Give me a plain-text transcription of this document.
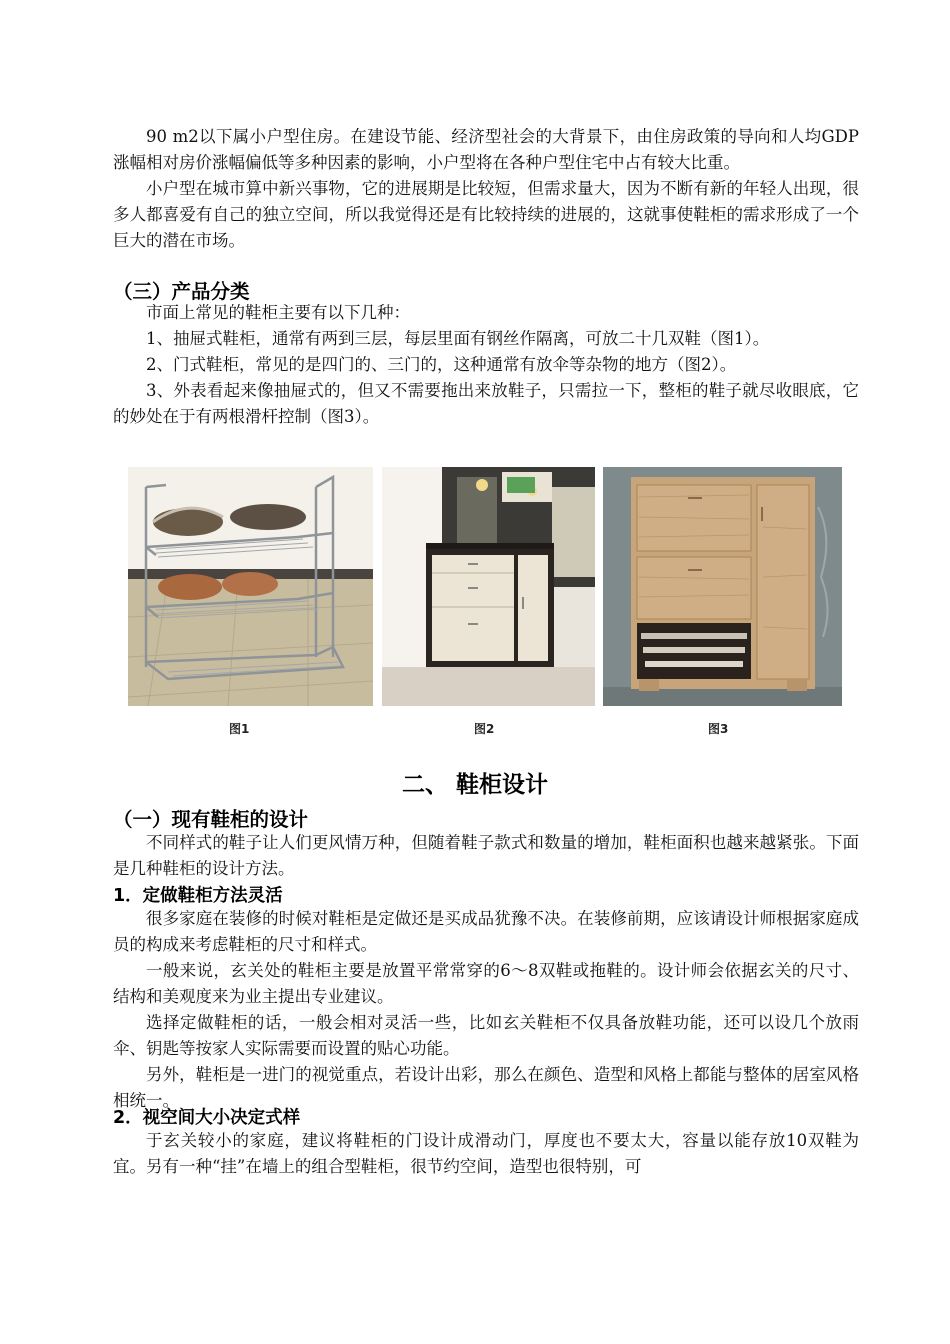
90 m2以下属小户型住房。在建设节能、经济型社会的大背景下，由住房政策的导向和人均GDP涨幅相对房价涨幅偏低等多种因素的影响，小户型将在各种户型住宅中占有较大比重。

小户型在城市算中新兴事物，它的进展期是比较短，但需求量大，因为不断有新的年轻人出现，很多人都喜爱有自己的独立空间，所以我觉得还是有比较持续的进展的，这就事使鞋柜的需求形成了一个巨大的潜在市场。

（三）产品分类

市面上常见的鞋柜主要有以下几种：

1、抽屉式鞋柜，通常有两到三层，每层里面有钢丝作隔离，可放二十几双鞋（图1）。

2、门式鞋柜，常见的是四门的、三门的，这种通常有放伞等杂物的地方（图2）。

3、外表看起来像抽屉式的，但又不需要拖出来放鞋子，只需拉一下，整柜的鞋子就尽收眼底，它的妙处在于有两根滑杆控制（图3）。

图1	图2	图3
二、 鞋柜设计
（一）现有鞋柜的设计

不同样式的鞋子让人们更风情万种，但随着鞋子款式和数量的增加，鞋柜面积也越来越紧张。下面是几种鞋柜的设计方法。

1．定做鞋柜方法灵活

很多家庭在装修的时候对鞋柜是定做还是买成品犹豫不决。在装修前期，应该请设计师根据家庭成员的构成来考虑鞋柜的尺寸和样式。

一般来说，玄关处的鞋柜主要是放置平常常穿的6～8双鞋或拖鞋的。设计师会依据玄关的尺寸、结构和美观度来为业主提出专业建议。

选择定做鞋柜的话，一般会相对灵活一些，比如玄关鞋柜不仅具备放鞋功能，还可以设几个放雨伞、钥匙等按家人实际需要而设置的贴心功能。

另外，鞋柜是一进门的视觉重点，若设计出彩，那么在颜色、造型和风格上都能与整体的居室风格相统一。

2．视空间大小决定式样

于玄关较小的家庭，建议将鞋柜的门设计成滑动门，厚度也不要太大，容量以能存放10双鞋为宜。另有一种“挂”在墙上的组合型鞋柜，很节约空间，造型也很特别，可
